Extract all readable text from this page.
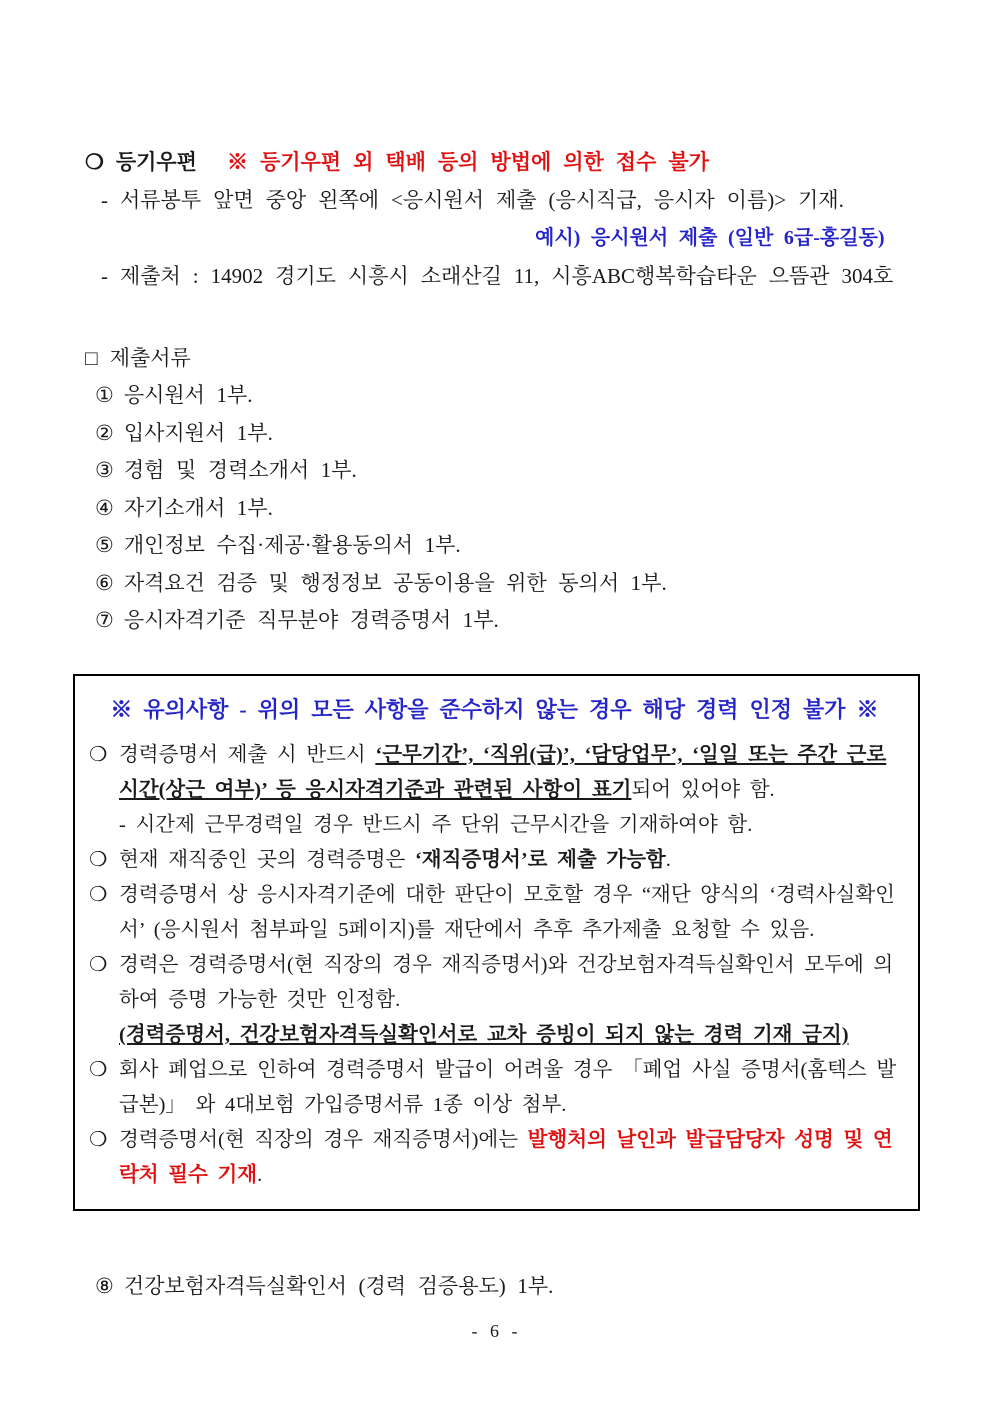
❍ 등기우편 ※ 등기우편 외 택배 등의 방법에 의한 접수 불가
- 서류봉투 앞면 중앙 왼쪽에 <응시원서 제출 (응시직급, 응시자 이름)> 기재.
예시) 응시원서 제출 (일반 6급-홍길동)
- 제출처 : 14902 경기도 시흥시 소래산길 11, 시흥ABC행복학습타운 으뜸관 304호
□ 제출서류
① 응시원서 1부.
② 입사지원서 1부.
③ 경험 및 경력소개서 1부.
④ 자기소개서 1부.
⑤ 개인정보 수집·제공·활용동의서 1부.
⑥ 자격요건 검증 및 행정정보 공동이용을 위한 동의서 1부.
⑦ 응시자격기준 직무분야 경력증명서 1부.
※ 유의사항 - 위의 모든 사항을 준수하지 않는 경우 해당 경력 인정 불가 ※
❍ 경력증명서 제출 시 반드시 ‘근무기간’, ‘직위(급)’, ‘담당업무’, ‘일일 또는 주간 근로시간(상근 여부)’ 등 응시자격기준과 관련된 사항이 표기되어 있어야 함.
- 시간제 근무경력일 경우 반드시 주 단위 근무시간을 기재하여야 함.
❍ 현재 재직중인 곳의 경력증명은 ‘재직증명서’로 제출 가능함.
❍ 경력증명서 상 응시자격기준에 대한 판단이 모호할 경우 “재단 양식의 ‘경력사실확인서’ (응시원서 첨부파일 5페이지)를 재단에서 추후 추가제출 요청할 수 있음.
❍ 경력은 경력증명서(현 직장의 경우 재직증명서)와 건강보험자격득실확인서 모두에 의하여 증명 가능한 것만 인정함.
(경력증명서, 건강보험자격득실확인서로 교차 증빙이 되지 않는 경력 기재 금지)
❍ 회사 폐업으로 인하여 경력증명서 발급이 어려울 경우 「폐업 사실 증명서(홈텍스 발급본)」 와 4대보험 가입증명서류 1종 이상 첨부.
❍ 경력증명서(현 직장의 경우 재직증명서)에는 발행처의 날인과 발급담당자 성명 및 연락처 필수 기재.
⑧ 건강보험자격득실확인서 (경력 검증용도) 1부.
- 6 -
